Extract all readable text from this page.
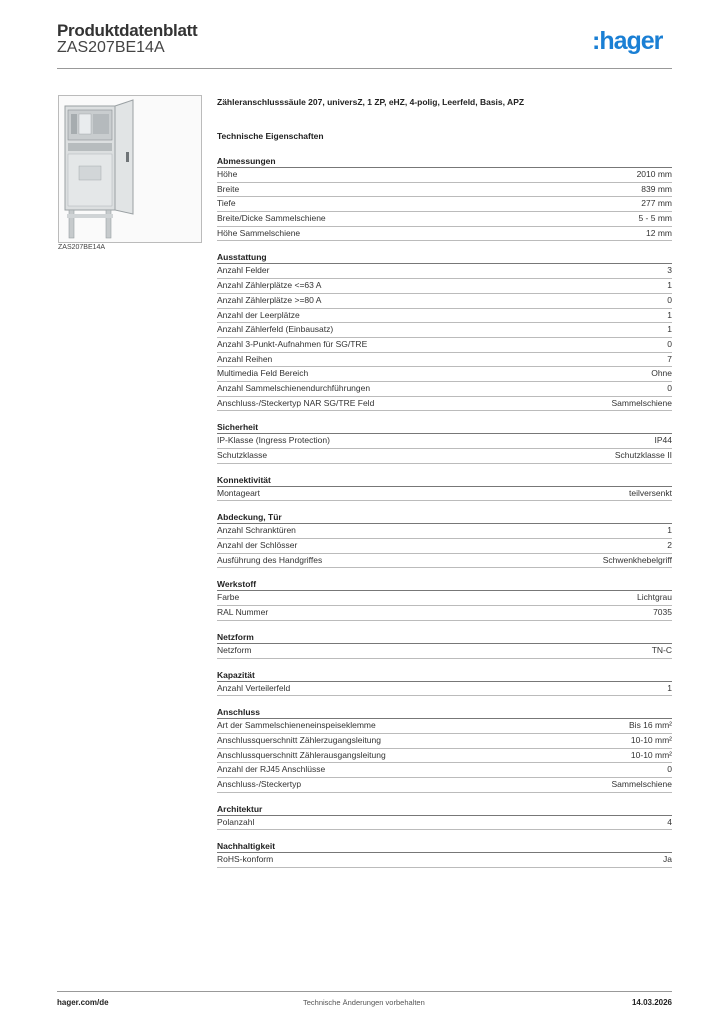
Produktdatenblatt
ZAS207BE14A	:hager
ZAS207BE14A
Zähleranschlusssäule 207, universZ, 1 ZP, eHZ, 4-polig, Leerfeld, Basis, APZ
Technische Eigenschaften
Abmessungen
Höhe	2010 mm
Breite	839 mm
Tiefe	277 mm
Breite/Dicke Sammelschiene	5 - 5 mm
Höhe Sammelschiene	12 mm
Ausstattung
Anzahl Felder	3
Anzahl Zählerplätze <=63 A	1
Anzahl Zählerplätze >=80 A	0
Anzahl der Leerplätze	1
Anzahl Zählerfeld (Einbausatz)	1
Anzahl 3-Punkt-Aufnahmen für SG/TRE	0
Anzahl Reihen	7
Multimedia Feld Bereich	Ohne
Anzahl Sammelschienendurchführungen	0
Anschluss-/Steckertyp NAR SG/TRE Feld	Sammelschiene
Sicherheit
IP-Klasse (Ingress Protection)	IP44
Schutzklasse	Schutzklasse II
Konnektivität
Montageart	teilversenkt
Abdeckung, Tür
Anzahl Schranktüren	1
Anzahl der Schlösser	2
Ausführung des Handgriffes	Schwenkhebelgriff
Werkstoff
Farbe	Lichtgrau
RAL Nummer	7035
Netzform
Netzform	TN-C
Kapazität
Anzahl Verteilerfeld	1
Anschluss
Art der Sammelschieneneinspeiseklemme	Bis 16 mm²
Anschlussquerschnitt Zählerzugangsleitung	10-10 mm²
Anschlussquerschnitt Zählerausgangsleitung	10-10 mm²
Anzahl der RJ45 Anschlüsse	0
Anschluss-/Steckertyp	Sammelschiene
Architektur
Polanzahl	4
Nachhaltigkeit
RoHS-konform	Ja
hager.com/de	Technische Änderungen vorbehalten	14.03.2026
